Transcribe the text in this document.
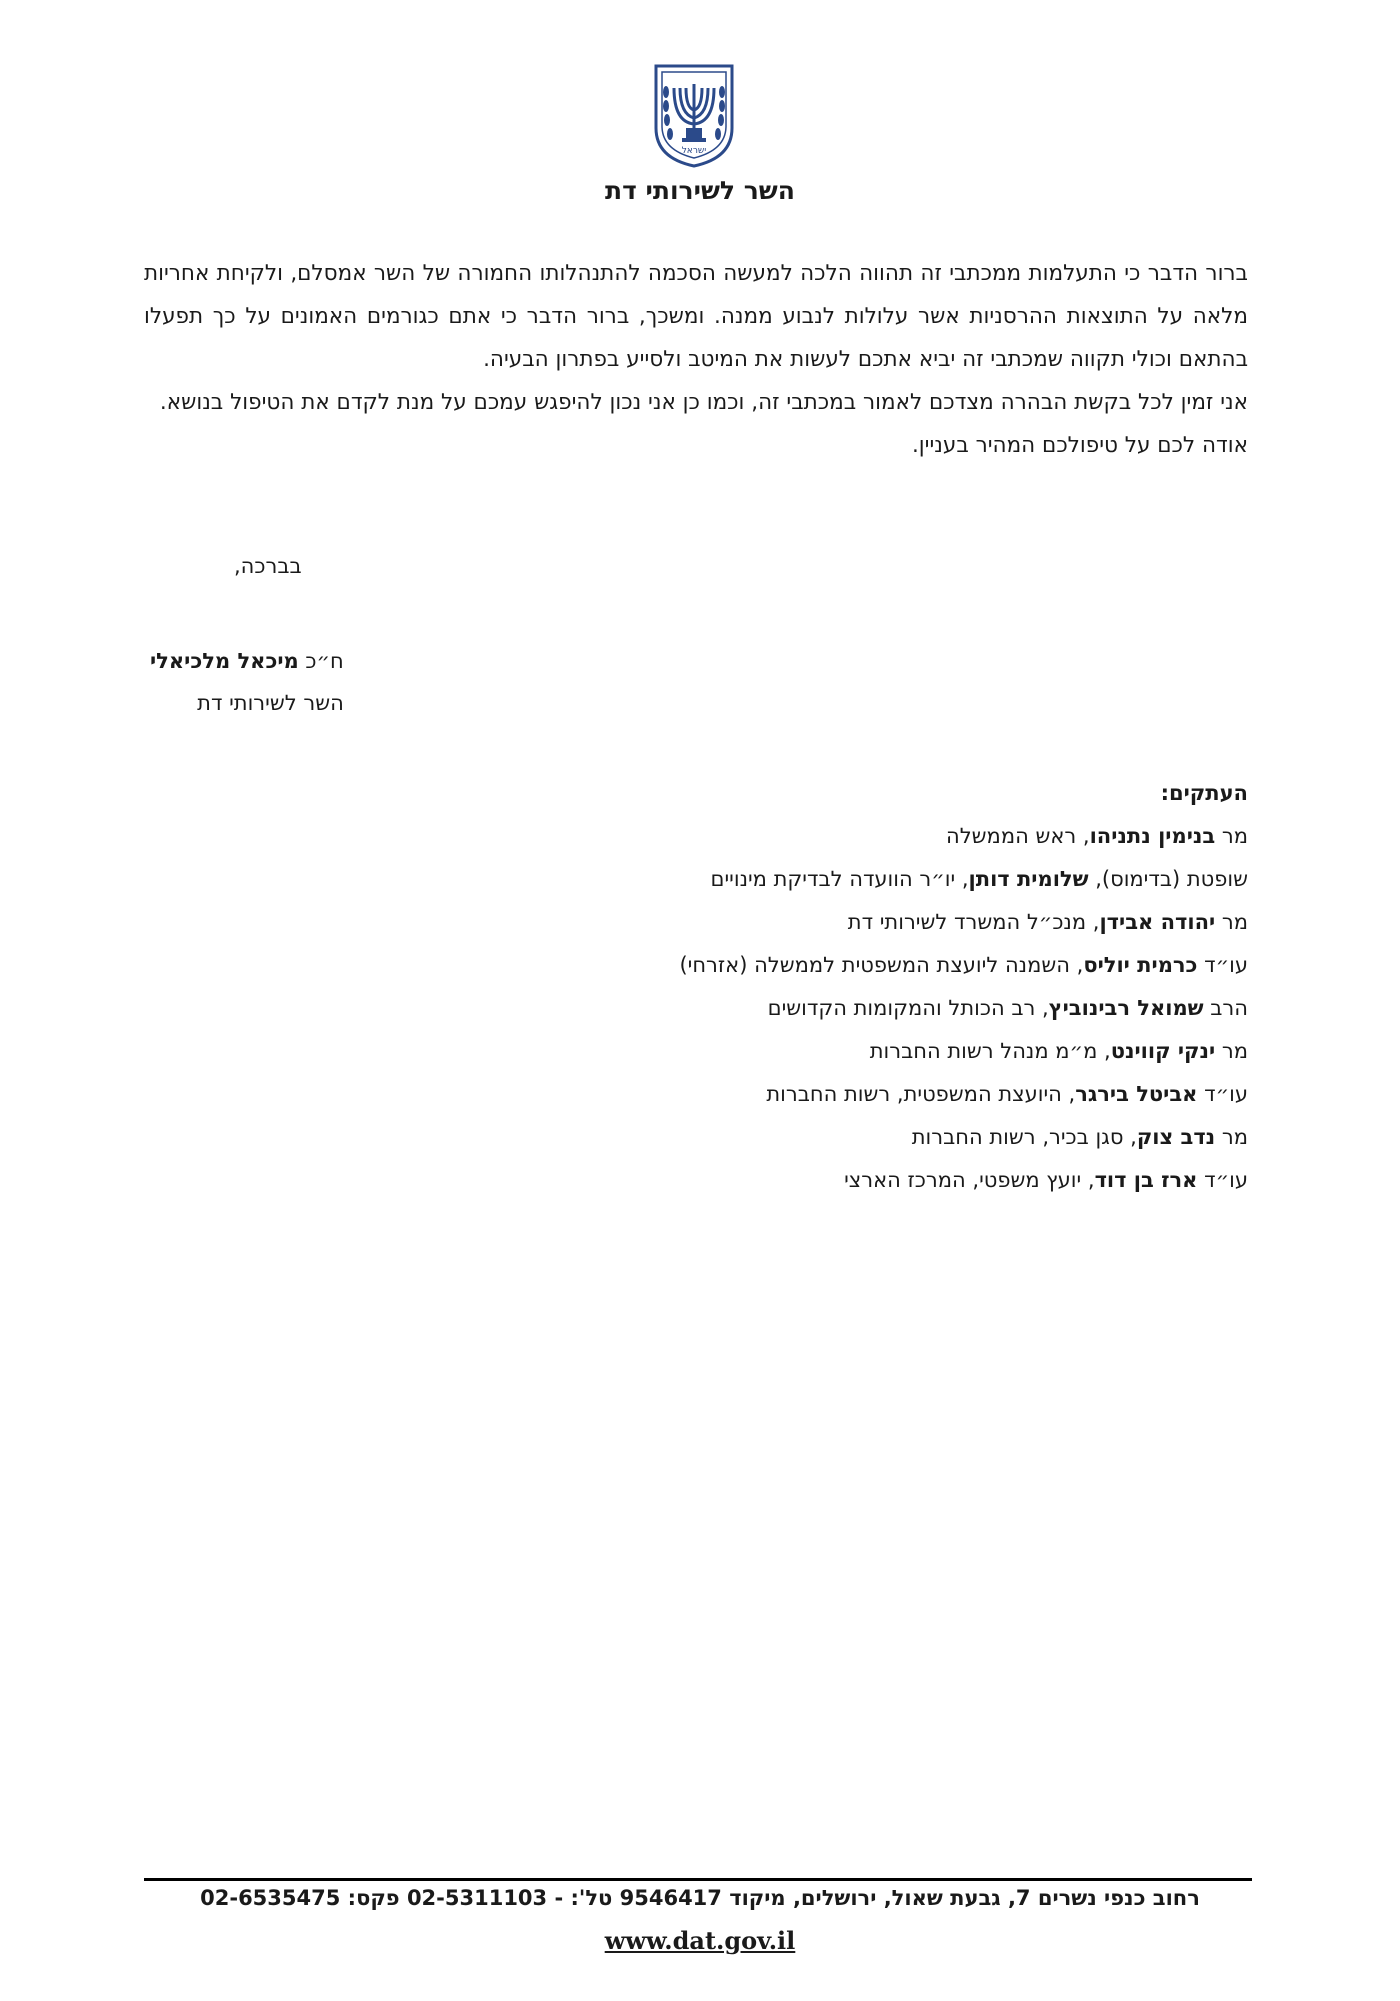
ישראל
השר לשירותי דת

ברור הדבר כי התעלמות ממכתבי זה תהווה הלכה למעשה הסכמה להתנהלותו החמורה של השר אמסלם, ולקיחת אחריות מלאה על התוצאות ההרסניות אשר עלולות לנבוע ממנה. ומשכך, ברור הדבר כי אתם כגורמים האמונים על כך תפעלו בהתאם וכולי תקווה שמכתבי זה יביא אתכם לעשות את המיטב ולסייע בפתרון הבעיה.

אני זמין לכל בקשת הבהרה מצדכם לאמור במכתבי זה, וכמו כן אני נכון להיפגש עמכם על מנת לקדם את הטיפול בנושא.

אודה לכם על טיפולכם המהיר בעניין.

בברכה,
ח״כ מיכאל מלכיאלי
השר לשירותי דת
העתקים:
מר בנימין נתניהו, ראש הממשלה
שופטת (בדימוס), שלומית דותן, יו״ר הוועדה לבדיקת מינויים
מר יהודה אבידן, מנכ״ל המשרד לשירותי דת
עו״ד כרמית יוליס, השמנה ליועצת המשפטית לממשלה (אזרחי)
הרב שמואל רבינוביץ, רב הכותל והמקומות הקדושים
מר ינקי קווינט, מ״מ מנהל רשות החברות
עו״ד אביטל בירגר, היועצת המשפטית, רשות החברות
מר נדב צוק, סגן בכיר, רשות החברות
עו״ד ארז בן דוד, יועץ משפטי, המרכז הארצי
רחוב כנפי נשרים 7, גבעת שאול, ירושלים, מיקוד 9546417 טל': - 02-5311103 פקס: 02-6535475
www.dat.gov.il
